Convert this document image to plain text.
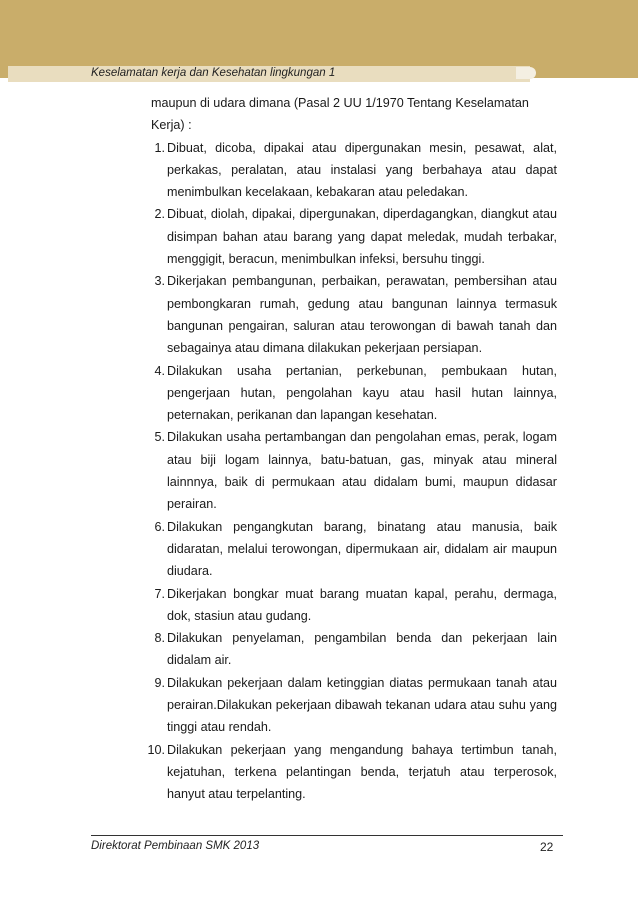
Keselamatan kerja dan Kesehatan lingkungan 1

maupun di udara dimana (Pasal 2 UU 1/1970 Tentang Keselamatan

Kerja) :

1. Dibuat, dicoba, dipakai atau dipergunakan mesin, pesawat, alat, perkakas, peralatan, atau instalasi yang berbahaya atau dapat menimbulkan kecelakaan, kebakaran atau peledakan.
2. Dibuat, diolah, dipakai, dipergunakan, diperdagangkan, diangkut atau disimpan bahan atau barang yang dapat meledak, mudah terbakar, menggigit, beracun, menimbulkan infeksi, bersuhu tinggi.
3. Dikerjakan pembangunan, perbaikan, perawatan, pembersihan atau pembongkaran rumah, gedung atau bangunan lainnya termasuk bangunan pengairan, saluran atau terowongan di bawah tanah dan sebagainya atau dimana dilakukan pekerjaan persiapan.
4. Dilakukan usaha pertanian, perkebunan, pembukaan hutan, pengerjaan hutan, pengolahan kayu atau hasil hutan lainnya, peternakan, perikanan dan lapangan kesehatan.
5. Dilakukan usaha pertambangan dan pengolahan emas, perak, logam atau biji logam lainnya, batu-batuan, gas, minyak atau mineral lainnnya, baik di permukaan atau didalam bumi, maupun didasar perairan.
6. Dilakukan pengangkutan barang, binatang atau manusia, baik didaratan, melalui terowongan, dipermukaan air, didalam air maupun diudara.
7. Dikerjakan bongkar muat barang muatan kapal, perahu, dermaga, dok, stasiun atau gudang.
8. Dilakukan penyelaman, pengambilan benda dan pekerjaan lain didalam air.
9. Dilakukan pekerjaan dalam ketinggian diatas permukaan tanah atau perairan.Dilakukan pekerjaan dibawah tekanan udara atau suhu yang tinggi atau rendah.
10. Dilakukan pekerjaan yang mengandung bahaya tertimbun tanah, kejatuhan, terkena pelantingan benda, terjatuh atau terperosok, hanyut atau terpelanting.
Direktorat Pembinaan SMK 2013	22
